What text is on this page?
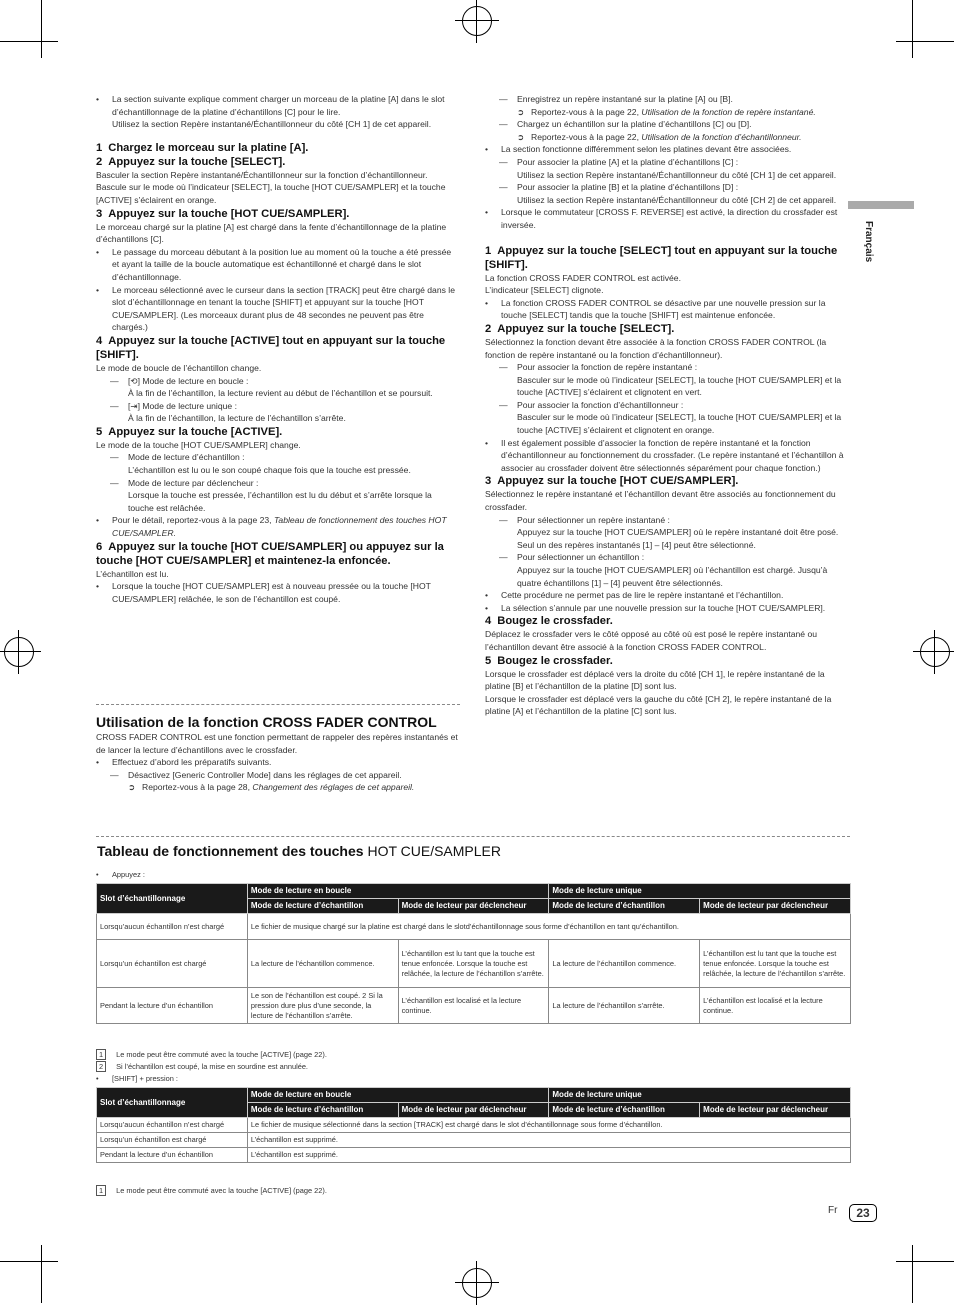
Français

• La section suivante explique comment charger un morceau de la platine [A] dans le slot d’échantillonnage de la platine d’échantillons [C] pour le lire.

Utilisez la section Repère instantané/Échantillonneur du côté [CH 1] de cet appareil.

1 Chargez le morceau sur la platine [A].

2 Appuyez sur la touche [SELECT].

Basculer la section Repère instantané/Échantillonneur sur la fonction d’échantillonneur.

Bascule sur le mode où l’indicateur [SELECT], la touche [HOT CUE/SAMPLER] et la touche [ACTIVE] s’éclairent en orange.

3 Appuyez sur la touche [HOT CUE/SAMPLER].

Le morceau chargé sur la platine [A] est chargé dans la fente d’échantillonnage de la platine d’échantillons [C].

• Le passage du morceau débutant à la position lue au moment où la touche a été pressée et ayant la taille de la boucle automatique est échantillonné et chargé dans le slot d’échantillonnage.

• Le morceau sélectionné avec le curseur dans la section [TRACK] peut être chargé dans le slot d’échantillonnage en tenant la touche [SHIFT] et appuyant sur la touche [HOT CUE/SAMPLER]. (Les morceaux durant plus de 48 secondes ne peuvent pas être chargés.)

4 Appuyez sur la touche [ACTIVE] tout en appuyant sur la touche [SHIFT].

Le mode de boucle de l’échantillon change.

— [⟲] Mode de lecture en boucle :

À la fin de l’échantillon, la lecture revient au début de l’échantillon et se poursuit.

— [⇥] Mode de lecture unique :

À la fin de l’échantillon, la lecture de l’échantillon s’arrête.

5 Appuyez sur la touche [ACTIVE].

Le mode de la touche [HOT CUE/SAMPLER] change.

— Mode de lecture d’échantillon :

L’échantillon est lu ou le son coupé chaque fois que la touche est pressée.

— Mode de lecture par déclencheur :

Lorsque la touche est pressée, l’échantillon est lu du début et s’arrête lorsque la touche est relâchée.

• Pour le détail, reportez-vous à la page 23, Tableau de fonctionnement des touches HOT CUE/SAMPLER.

6 Appuyez sur la touche [HOT CUE/SAMPLER] ou appuyez sur la touche [HOT CUE/SAMPLER] et maintenez-la enfoncée.

L’échantillon est lu.

• Lorsque la touche [HOT CUE/SAMPLER] est à nouveau pressée ou la touche [HOT CUE/SAMPLER] relâchée, le son de l’échantillon est coupé.

Utilisation de la fonction CROSS FADER CONTROL

CROSS FADER CONTROL est une fonction permettant de rappeler des repères instantanés et de lancer la lecture d’échantillons avec le crossfader.

• Effectuez d’abord les préparatifs suivants.

— Désactivez [Generic Controller Mode] dans les réglages de cet appareil.

➲ Reportez-vous à la page 28, Changement des réglages de cet appareil.

— Enregistrez un repère instantané sur la platine [A] ou [B].

➲ Reportez-vous à la page 22, Utilisation de la fonction de repère instantané.

— Chargez un échantillon sur la platine d’échantillons [C] ou [D].

➲ Reportez-vous à la page 22, Utilisation de la fonction d’échantillonneur.

• La section fonctionne différemment selon les platines devant être associées.

— Pour associer la platine [A] et la platine d’échantillons [C] :

Utilisez la section Repère instantané/Échantillonneur du côté [CH 1] de cet appareil.

— Pour associer la platine [B] et la platine d’échantillons [D] :

Utilisez la section Repère instantané/Échantillonneur du côté [CH 2] de cet appareil.

• Lorsque le commutateur [CROSS F. REVERSE] est activé, la direction du crossfader est inversée.

1 Appuyez sur la touche [SELECT] tout en appuyant sur la touche [SHIFT].

La fonction CROSS FADER CONTROL est activée.

L’indicateur [SELECT] clignote.

• La fonction CROSS FADER CONTROL se désactive par une nouvelle pression sur la touche [SELECT] tandis que la touche [SHIFT] est maintenue enfoncée.

2 Appuyez sur la touche [SELECT].

Sélectionnez la fonction devant être associée à la fonction CROSS FADER CONTROL (la fonction de repère instantané ou la fonction d’échantillonneur).

— Pour associer la fonction de repère instantané :

Basculer sur le mode où l’indicateur [SELECT], la touche [HOT CUE/SAMPLER] et la touche [ACTIVE] s’éclairent et clignotent en vert.

— Pour associer la fonction d’échantillonneur :

Basculer sur le mode où l’indicateur [SELECT], la touche [HOT CUE/SAMPLER] et la touche [ACTIVE] s’éclairent et clignotent en orange.

• Il est également possible d’associer la fonction de repère instantané et la fonction d’échantillonneur au fonctionnement du crossfader. (Le repère instantané et l’échantillon à associer au crossfader doivent être sélectionnés séparément pour chaque fonction.)

3 Appuyez sur la touche [HOT CUE/SAMPLER].

Sélectionnez le repère instantané et l’échantillon devant être associés au fonctionnement du crossfader.

— Pour sélectionner un repère instantané :

Appuyez sur la touche [HOT CUE/SAMPLER] où le repère instantané doit être posé. Seul un des repères instantanés [1] – [4] peut être sélectionné.

— Pour sélectionner un échantillon :

Appuyez sur la touche [HOT CUE/SAMPLER] où l’échantillon est chargé. Jusqu’à quatre échantillons [1] – [4] peuvent être sélectionnés.

• Cette procédure ne permet pas de lire le repère instantané et l’échantillon.

• La sélection s’annule par une nouvelle pression sur la touche [HOT CUE/SAMPLER].

4 Bougez le crossfader.

Déplacez le crossfader vers le côté opposé au côté où est posé le repère instantané ou l’échantillon devant être associé à la fonction CROSS FADER CONTROL.

5 Bougez le crossfader.

Lorsque le crossfader est déplacé vers la droite du côté [CH 1], le repère instantané de la platine [B] et l’échantillon de la platine [D] sont lus.

Lorsque le crossfader est déplacé vers la gauche du côté [CH 2], le repère instantané de la platine [A] et l’échantillon de la platine [C] sont lus.

Tableau de fonctionnement des touches HOT CUE/SAMPLER
• Appuyez :
Slot d’échantillonnage	Mode de lecture en boucle		Mode de lecture unique	
	Mode de lecture d’échantillon	Mode de lecteur par déclencheur	Mode de lecture d’échantillon	Mode de lecteur par déclencheur
Lorsqu’aucun échantillon n’est chargé	Le fichier de musique chargé sur la platine est chargé dans le slotd’échantillonnage sous forme d’échantillon en tant qu’échantillon.			
Lorsqu’un échantillon est chargé	La lecture de l’échantillon commence.	L’échantillon est lu tant que la touche est tenue enfoncée. Lorsque la touche est relâchée, la lecture de l’échantillon s’arrête.	La lecture de l’échantillon commence.	L’échantillon est lu tant que la touche est tenue enfoncée. Lorsque la touche est relâchée, la lecture de l’échantillon s’arrête.
Pendant la lecture d’un échantillon	Le son de l’échantillon est coupé. 2 Si la pression dure plus d’une seconde, la lecture de l’échantillon s’arrête.	L’échantillon est localisé et la lecture continue.	La lecture de l’échantillon s’arrête.	L’échantillon est localisé et la lecture continue.
1 Le mode peut être commuté avec la touche [ACTIVE] (page 22).
2 Si l’échantillon est coupé, la mise en sourdine est annulée.
• [SHIFT] + pression :
Slot d’échantillonnage	Mode de lecture en boucle		Mode de lecture unique	
	Mode de lecture d’échantillon	Mode de lecteur par déclencheur	Mode de lecture d’échantillon	Mode de lecteur par déclencheur
Lorsqu’aucun échantillon n’est chargé	Le fichier de musique sélectionné dans la section [TRACK] est chargé dans le slot d’échantillonnage sous forme d’échantillon.			
Lorsqu’un échantillon est chargé	L’échantillon est supprimé.			
Pendant la lecture d’un échantillon	L’échantillon est supprimé.			
1 Le mode peut être commuté avec la touche [ACTIVE] (page 22).
Fr	23
